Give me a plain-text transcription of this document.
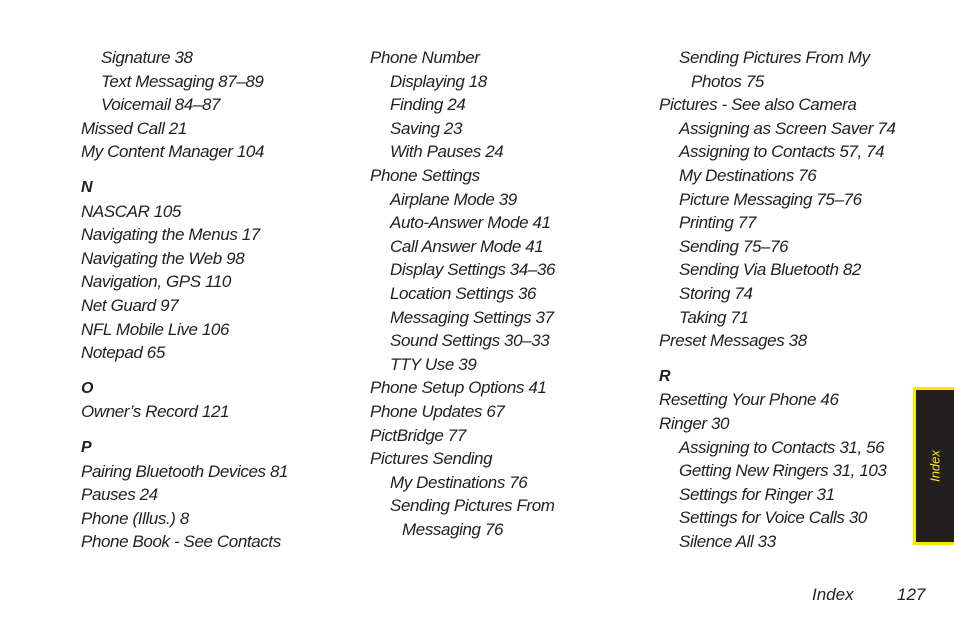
Signature 38
Text Messaging 87–89
Voicemail 84–87
Missed Call 21
My Content Manager 104
N
NASCAR 105
Navigating the Menus 17
Navigating the Web 98
Navigation, GPS 110
Net Guard 97
NFL Mobile Live 106
Notepad 65
O
Owner’s Record 121
P
Pairing Bluetooth Devices 81
Pauses 24
Phone (Illus.) 8
Phone Book - See Contacts
Phone Number
Displaying 18
Finding 24
Saving 23
With Pauses 24
Phone Settings
Airplane Mode 39
Auto-Answer Mode 41
Call Answer Mode 41
Display Settings 34–36
Location Settings 36
Messaging Settings 37
Sound Settings 30–33
TTY Use 39
Phone Setup Options 41
Phone Updates 67
PictBridge 77
Pictures Sending
My Destinations 76
Sending Pictures From
Messaging 76
Sending Pictures From My
Photos 75
Pictures - See also Camera
Assigning as Screen Saver 74
Assigning to Contacts 57, 74
My Destinations 76
Picture Messaging 75–76
Printing 77
Sending 75–76
Sending Via Bluetooth 82
Storing 74
Taking 71
Preset Messages 38
R
Resetting Your Phone 46
Ringer 30
Assigning to Contacts 31, 56
Getting New Ringers 31, 103
Settings for Ringer 31
Settings for Voice Calls 30
Silence All 33
Index
Index	127
